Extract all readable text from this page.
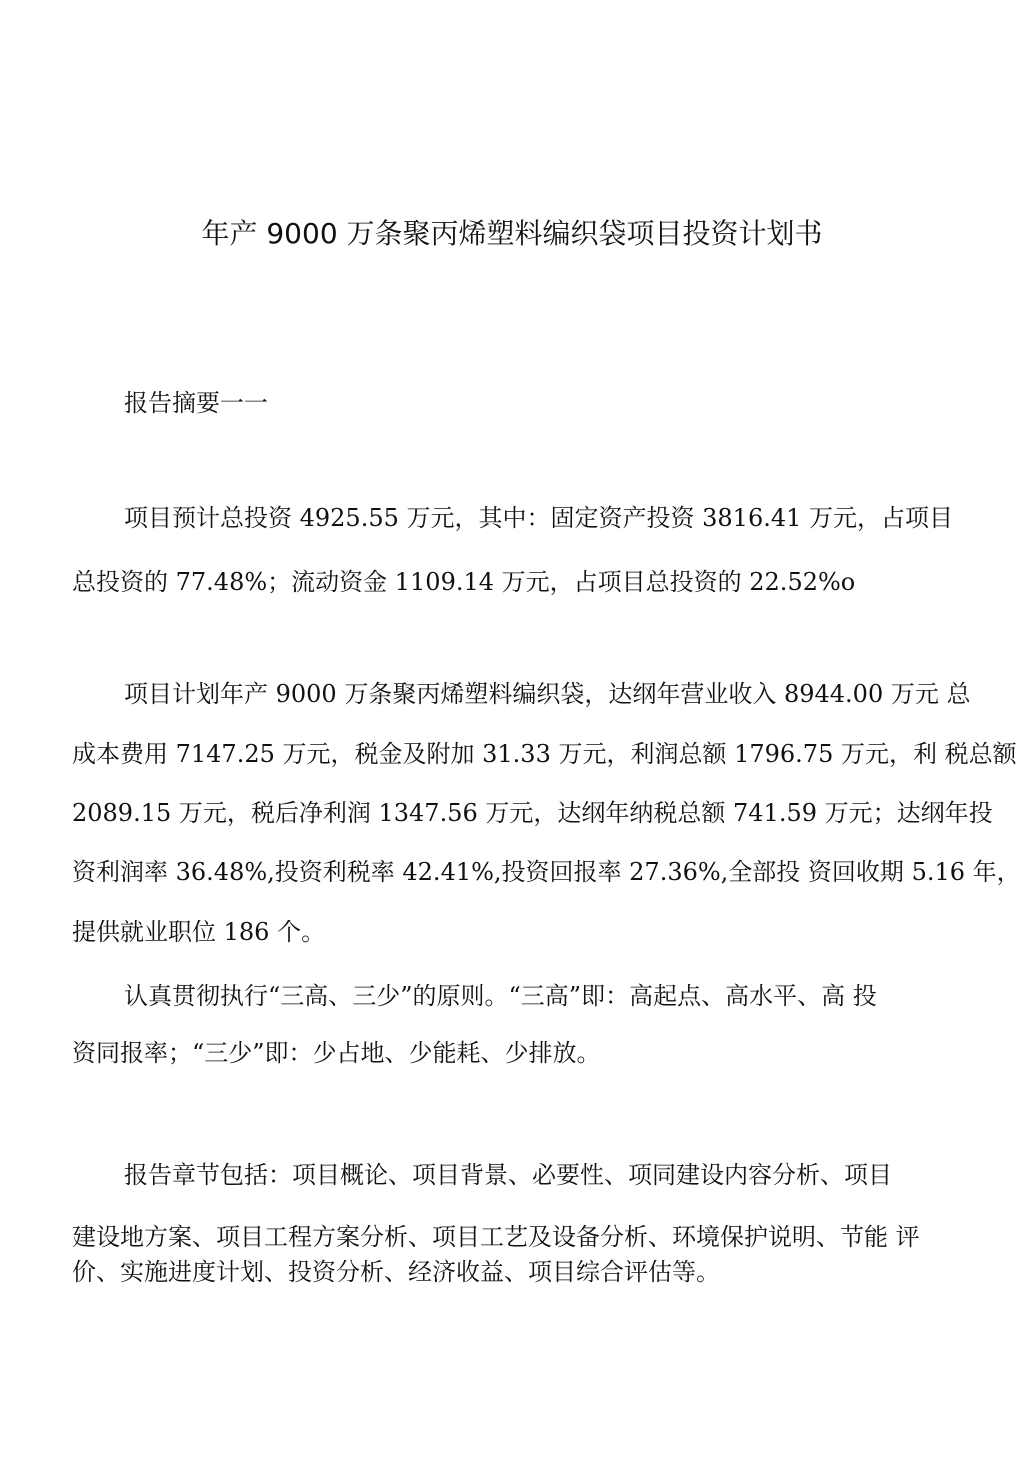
年产 9000 万条聚丙烯塑料编织袋项目投资计划书
报告摘要一一
项目预计总投资 4925.55 万元，其中：固定资产投资 3816.41 万元，占项目
总投资的 77.48%；流动资金 1109.14 万元，占项目总投资的 22.52%o
项目计划年产 9000 万条聚丙烯塑料编织袋，达纲年营业收入 8944.00 万元 总
成本费用 7147.25 万元，税金及附加 31.33 万元，利润总额 1796.75 万元，利 税总额
2089.15 万元，税后净利润 1347.56 万元，达纲年纳税总额 741.59 万元；达纲年投
资利润率 36.48%,投资利税率 42.41%,投资回报率 27.36%,全部投 资回收期 5.16 年，
提供就业职位 186 个。
认真贯彻执行“三高、三少”的原则。“三高”即：高起点、高水平、高 投
资同报率；“三少”即：少占地、少能耗、少排放。
报告章节包括：项目概论、项目背景、必要性、项同建设内容分析、项目
建设地方案、项目工程方案分析、项目工艺及设备分析、环境保护说明、节能 评
价、实施进度计划、投资分析、经济收益、项目综合评估等。
